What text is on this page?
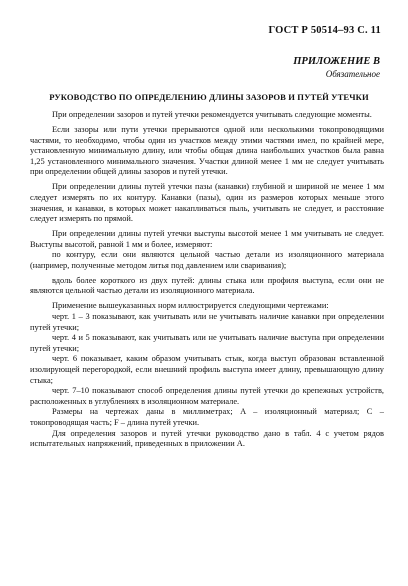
ГОСТ Р 50514–93 С. 11
ПРИЛОЖЕНИЕ В
Обязательное
РУКОВОДСТВО ПО ОПРЕДЕЛЕНИЮ ДЛИНЫ ЗАЗОРОВ И ПУТЕЙ УТЕЧКИ

При определении зазоров и путей утечки рекомендуется учитывать следующие моменты.

Если зазоры или пути утечки прерываются одной или несколькими токопроводящими частями, то необходимо, чтобы один из участков между этими частями имел, по крайней мере, установленную минимальную длину, или чтобы общая длина наибольших участков была равна 1,25 установленного минимального значения. Участки длиной менее 1 мм не следует учитывать при определении общей длины зазоров и путей утечки.

При определении длины путей утечки пазы (канавки) глубиной и шириной не менее 1 мм следует измерять по их контуру. Канавки (пазы), один из размеров которых меньше этого значения, и канавки, в которых может накапливаться пыль, учитывать не следует, и расстояние следует измерять по прямой.

При определении длины путей утечки выступы высотой менее 1 мм учитывать не следует. Выступы высотой, равной 1 мм и более, измеряют:

по контуру, если они являются цельной частью детали из изоляционного материала (например, полученные методом литья под давлением или сваривания);

вдоль более короткого из двух путей: длины стыка или профиля выступа, если они не являются цельной частью детали из изоляционного материала.

Применение вышеуказанных норм иллюстрируется следующими чертежами:

черт. 1 – 3 показывают, как учитывать или не учитывать наличие канавки при определении путей утечки;

черт. 4 и 5 показывают, как учитывать или не учитывать наличие выступа при определении путей утечки;

черт. 6 показывает, каким образом учитывать стык, когда выступ образован вставленной изолирующей перегородкой, если внешний профиль выступа имеет длину, превышающую длину стыка;

черт. 7–10 показывают способ определения длины путей утечки до крепежных устройств, расположенных в углублениях в изоляционном материале.

Размеры на чертежах даны в миллиметрах; A – изоляционный материал; C – токопроводящая часть; F – длина путей утечки.

Для определения зазоров и путей утечки руководство дано в табл. 4 с учетом рядов испытательных напряжений, приведенных в приложении А.
